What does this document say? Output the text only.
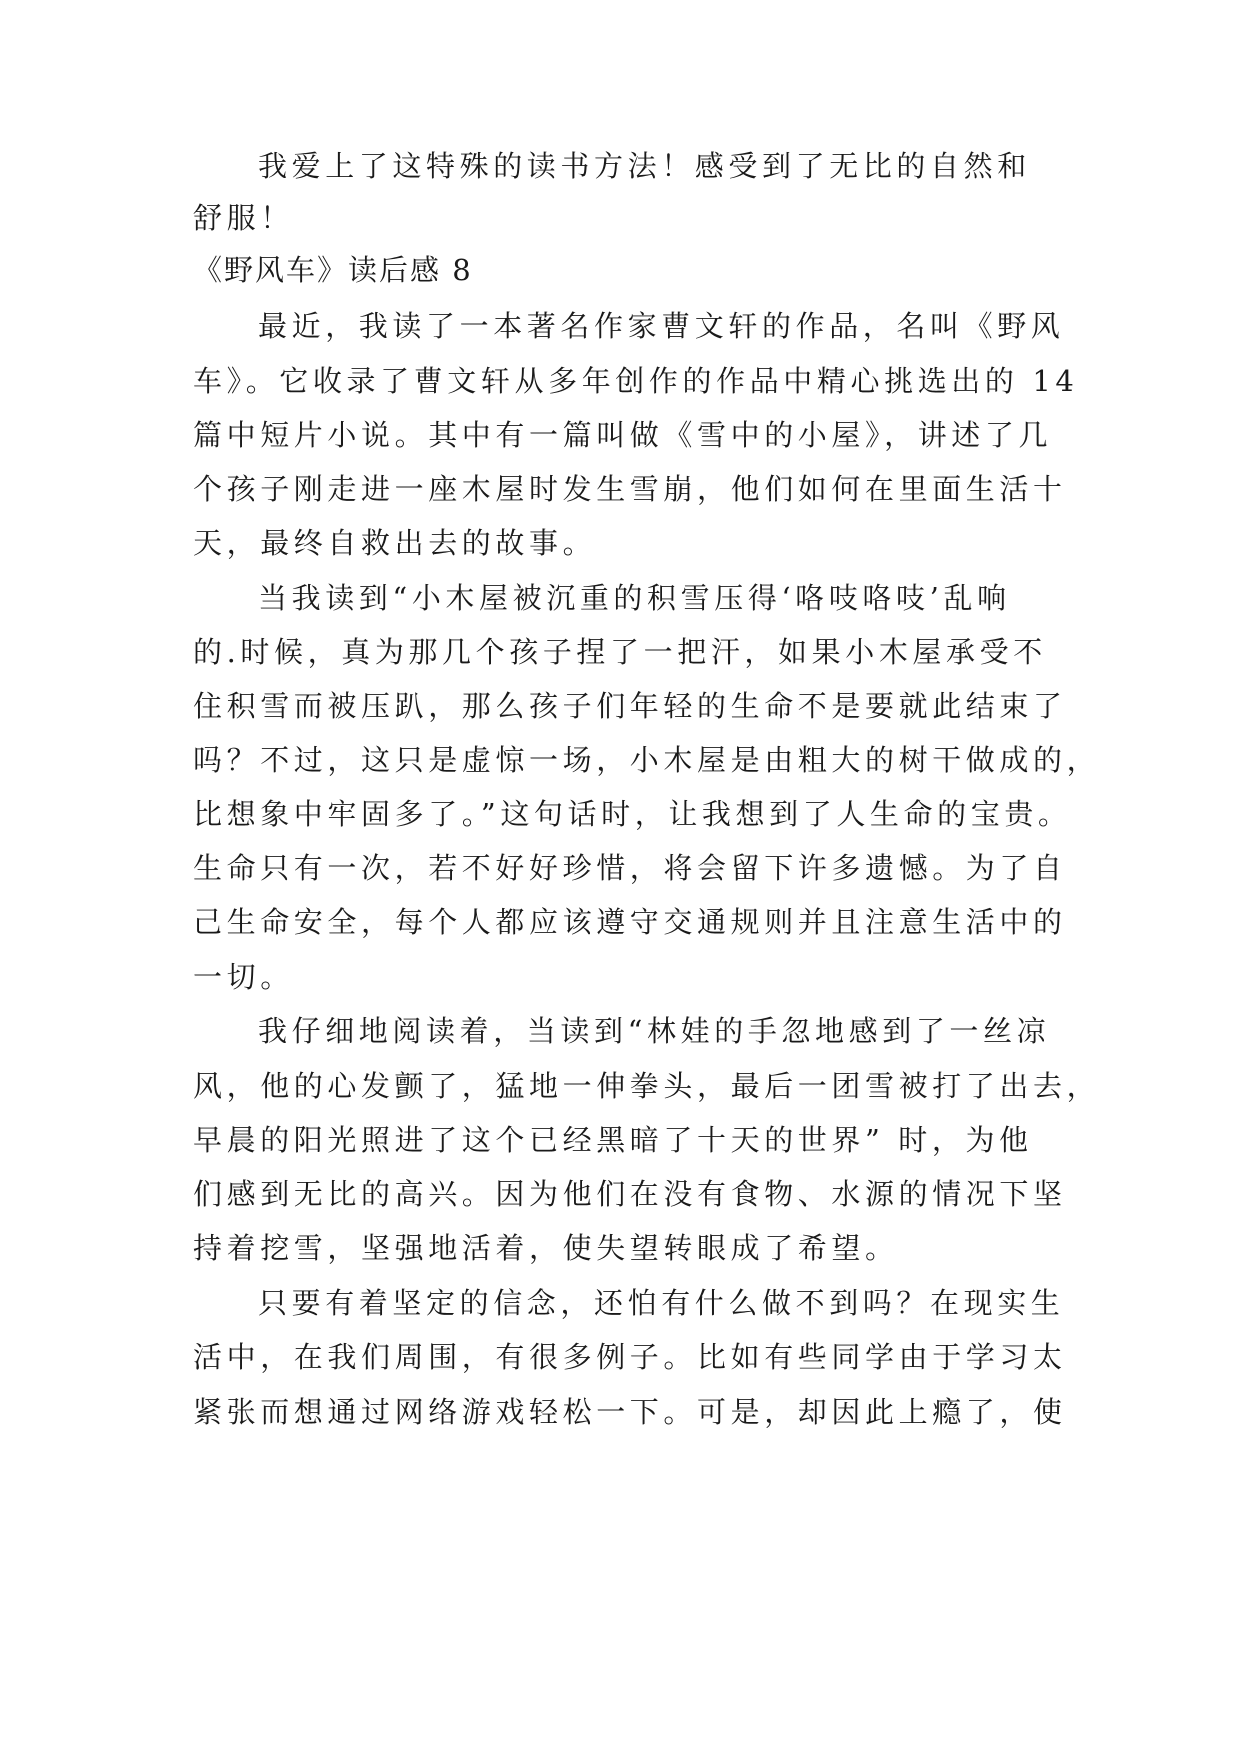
我爱上了这特殊的读书方法！感受到了无比的自然和
舒服！
《野风车》读后感 8
最近，我读了一本著名作家曹文轩的作品，名叫《野风
车》。它收录了曹文轩从多年创作的作品中精心挑选出的 14
篇中短片小说。其中有一篇叫做《雪中的小屋》，讲述了几
个孩子刚走进一座木屋时发生雪崩，他们如何在里面生活十
天，最终自救出去的故事。
当我读到“小木屋被沉重的积雪压得‘咯吱咯吱’乱响
的.时候，真为那几个孩子捏了一把汗，如果小木屋承受不
住积雪而被压趴，那么孩子们年轻的生命不是要就此结束了
吗？不过，这只是虚惊一场，小木屋是由粗大的树干做成的，
比想象中牢固多了。”这句话时，让我想到了人生命的宝贵。
生命只有一次，若不好好珍惜，将会留下许多遗憾。为了自
己生命安全，每个人都应该遵守交通规则并且注意生活中的
一切。
我仔细地阅读着，当读到“林娃的手忽地感到了一丝凉
风，他的心发颤了，猛地一伸拳头，最后一团雪被打了出去，
早晨的阳光照进了这个已经黑暗了十天的世界” 时，为他
们感到无比的高兴。因为他们在没有食物、水源的情况下坚
持着挖雪，坚强地活着，使失望转眼成了希望。
只要有着坚定的信念，还怕有什么做不到吗？在现实生
活中，在我们周围，有很多例子。比如有些同学由于学习太
紧张而想通过网络游戏轻松一下。可是，却因此上瘾了，使
